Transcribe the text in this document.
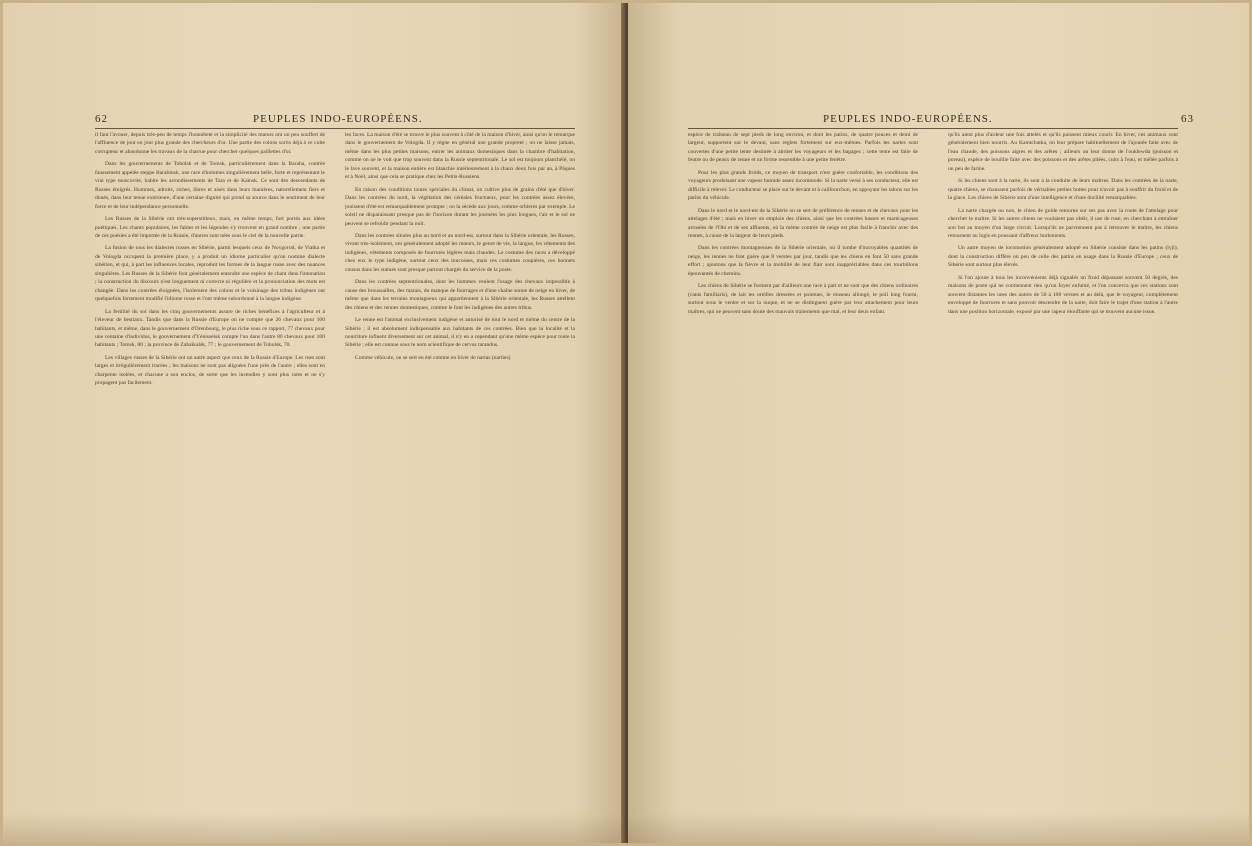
62	PEUPLES INDO-EUROPÉENS.

il faut l'avouer, depuis très-peu de temps l'honnêteté et la simplicité des mœurs ont un peu souffert de l'affluence de jour en jour plus grande des chercheurs d'or. Une partie des colons sortis déjà à ce culte corrupteur et abandonne les travaux de la charrue pour chercher quelques paillettes d'or.

Dans les gouvernements de Tobolsk et de Tomsk, particulièrement dans la Baraba, contrée faussement appelée steppe Barabinsk, une race d'hommes singulièrement belle, forte et représentant le vrai type moscovite, habite les arrondissements de Tara et de Kaïnsk. Ce sont des descendants de Russes émigrés. Hommes, adroits, riches, libres et aisés dans leurs manières, naturellement fiers et doués, dans leur tenue extérieure, d'une certaine dignité qui prend sa source dans le sentiment de leur force et de leur indépendance personnelle.

Les Russes de la Sibérie ont très-superstitieux, mais, en même temps, fort portés aux idées poétiques. Les chants populaires, les fables et les légendes s'y trouvent en grand nombre ; une partie de ces poésies a été importée de la Russie, d'autres sont nées sous le ciel de la nouvelle patrie.

La fusion de tous les dialectes russes en Sibérie, parmi lesquels ceux de Novgorod, de Viatka et de Vologda occupent la première place, y a produit un idiome particulier qu'on nomme dialecte sibérien, et qui, à part les influences locales, reproduit les formes de la langue russe avec des nuances singulières. Les Russes de la Sibérie font généralement entendre une espèce de chant dans l'intonation ; la construction du discours n'est longuement ni correcte ni régulière et la prononciation des mots est changée. Dans les contrées éloignées, l'isolement des colons et le voisinage des tribus indigènes ont quelquefois fortement modifié l'idiome russe et l'ont même subordonné à la langue indigène.

La fertilité du sol dans les cinq gouvernements assure de riches bénéfices à l'agriculteur et à l'éleveur de bestiaux. Tandis que dans la Russie d'Europe on ne compte que 26 chevaux pour 100 habitants, et même, dans le gouvernement d'Orenbourg, le plus riche sous ce rapport, 77 chevaux pour une centaine d'individus, le gouvernement d'Yénisséisk compte l'un dans l'autre 80 chevaux pour 100 habitants ; Tomsk, 80 ; la province de Zabaïkalsk, 77 ; le gouvernement de Tobolsk, 70.

Les villages russes de la Sibérie ont un autre aspect que ceux de la Russie d'Europe. Les rues sont larges et irrégulièrement tracées ; les maisons ne sont pas alignées l'une près de l'autre ; elles sont en charpente isolées, et chacune a son enclos, de sorte que les incendies y sont plus rares et ne s'y propagent pas facilement.

les faces. La maison d'été se trouve le plus souvent à côté de la maison d'hiver, ainsi qu'on le remarque dans le gouvernement de Vologda. Il y règne en général une grande propreté ; on ne laisse jamais, même dans les plus petites maisons, entrer les animaux domestiques dans la chambre d'habitation, comme on ne le voit que trop souvent dans la Russie septentrionale. Le sol est toujours planchéié, on le lave souvent, et la maison entière est blanchie intérieurement à la chaux deux fois par an, à Pâques et à Noël, ainsi que cela se pratique chez les Petits-Russiens.

En raison des conditions toutes spéciales du climat, on cultive plus de grains d'été que d'hiver. Dans les contrées du nord, la végétation des céréales fructueux, pour les contrées assez élevées, jouissent d'été est remarquablement prompte ; on la sécède aux jours, comme orbieres par exemple. Le soleil ne disparaissant presque pas de l'horizon durant les journées les plus longues, l'air et le sol ne peuvent se refroidir pendant la nuit.

Dans les contrées situées plus au nord et au nord-est, surtout dans la Sibérie orientale, les Russes, vivant très-isolément, ont généralement adopté les mœurs, le genre de vie, la langue, les vêtements des indigènes, vêtements composés de fourrures légères mais chaudes. Le costume des races a développé chez eux le type indigène, surtout ceux des toucosses, mais ces costumes coupières, ces bonnets cousus dans les statues sont presque partout chargés du service de la poste.

Dans les contrées septentrionales, dont les hommes veulent l'usage des chevaux impossible à cause des broussailles, des marais, du manque de fourrages et d'une chaîne sonne de neige en hiver, de même que dans les terrains montagneux qui appartiennent à la Sibérie orientale, les Russes attellent des chiens et des rennes domestiques, comme le font les indigènes des autres tribus.

Le renne est l'animal exclusivement indigène et autorisé de tout le nord et même du centre de la Sibérie ; il est absolument indispensable aux habitants de ces contrées. Bien que la localité et la nourriture influent diversement sur cet animal, il n'y en a cependant qu'une même espèce pour toute la Sibérie ; elle est connue sous le nom scientifique de cervus tarandus.

Comme véhicule, on se sert en été comme en hiver de nartas (narties)

PEUPLES INDO-EUROPÉENS.	63

espèce de traîneau de sept pieds de long environ, et dont les patins, de quatre pouces et demi de largeur, supportent sur le devant, sans reglets fortement sur eux-mêmes. Parfois les nartes sont couvertes d'une petite tente destinée à abriter les voyageurs et les bagages ; cette tente est faite de feutre ou de peaux de renne et un forme ressemble à une petite fenêtre.

Pour les plus grands froids, ce moyen de transport n'est guère confortable, les conditions des voyageurs produisant une vapeur humide assez incommode. Si la narte versé à ses conducteur, elle est difficile à relever. Le conducteur se place sur le devant et à califourchon, en appuyant les talons sur les patins du véhicule.

Dans le nord et le nord-est de la Sibérie on se sert de préférence de rennes et de chevaux pour les attelages d'été ; mais en hiver on emploie des chiens, ainsi que les contrées basses et marécageuses arrosées de l'Obi et de ses affluents, où la même contrée de neige est plus facile à franchir avec des rennes, à cause de la largeur de leurs pieds.

Dans les contrées montagneuses de la Sibérie orientale, où il tombe d'incroyables quantités de neige, les rennes ne font guère que 8 verstes par jour, tandis que les chiens en font 50 sans grande effort ; ajoutons que la fièvre et la mobilité de leur flair sont inappréciables dans ces tourbillons épouvantés de chemins.

Les chiens de Sibérie se forment par d'ailleurs une race à part et ne sont que des chiens ordinaires (canis familiaris), de lait les oreilles dressées et pointues, le museau allongé, le poil long fourni, surtout sous le ventre et sur la nuque, et ne se distinguent guère par leur attachement pour leurs maîtres, qui ne peuvent sans doute des mauvais traitements que mal, et leur deux enfant.

qu'ils aient plus d'ardeur une fois attelés et qu'ils puissent mieux courir. En hiver, ces animaux sont généralement bien nourris. Au Kamtchatka, on leur prépare habituellement de l'ajoutée faite avec de l'eau chaude, des poissons aigres et des arêtes ; ailleurs on leur donne de l'ouklewda (poisson et poreau), espèce de bouillie faite avec des poissons et des arêtes pilées, cuits à l'eau, et mêlée parfois à un peu de farine.

Si les chiens sont à la narte, ils sont à la conduite de leurs maîtres. Dans les contrées de la narte, quatre chiens, se chaussent parfois de véritables petites bottes pour n'avoir pas à souffrir du froid et de la glace. Les chiens de Sibérie sont d'une intelligence et d'une docilité remarquables.

La narte chargée ou non, le chien de guide retourne sur ses pas avec la route de l'attelage pour chercher le maître. Si les autres chiens ne voulaient pas obéir, il use de ruse, en cherchant à entraîner son but au moyen d'un large circuit. Lorsqu'ils ne parviennent pas à retrouver le maître, les chiens retournent au logis en poussant d'affreux hurlements.

Un autre moyen de locomotion généralement adopté en Sibérie consiste dans les patins (lyji), dont la construction diffère un peu de celle des patins en usage dans la Russie d'Europe ; ceux de Sibérie sont surtout plus élevés.

Si l'on ajoute à tous les inconvénients déjà signalés un froid dépassant souvent 50 degrés, des maisons de poste qui ne contiennent rien qu'un foyer enfumé, et l'on concevra que ces stations sont souvent distantes les unes des autres de 50 à 100 verstes et au delà, que le voyageur, complètement enveloppé de fourrures et sans pouvoir descendre de la narte, doit faire le trajet d'une station à l'autre dans une position horizontale, exposé par une rapeur étouffante qui se trouvent aucune issue.
